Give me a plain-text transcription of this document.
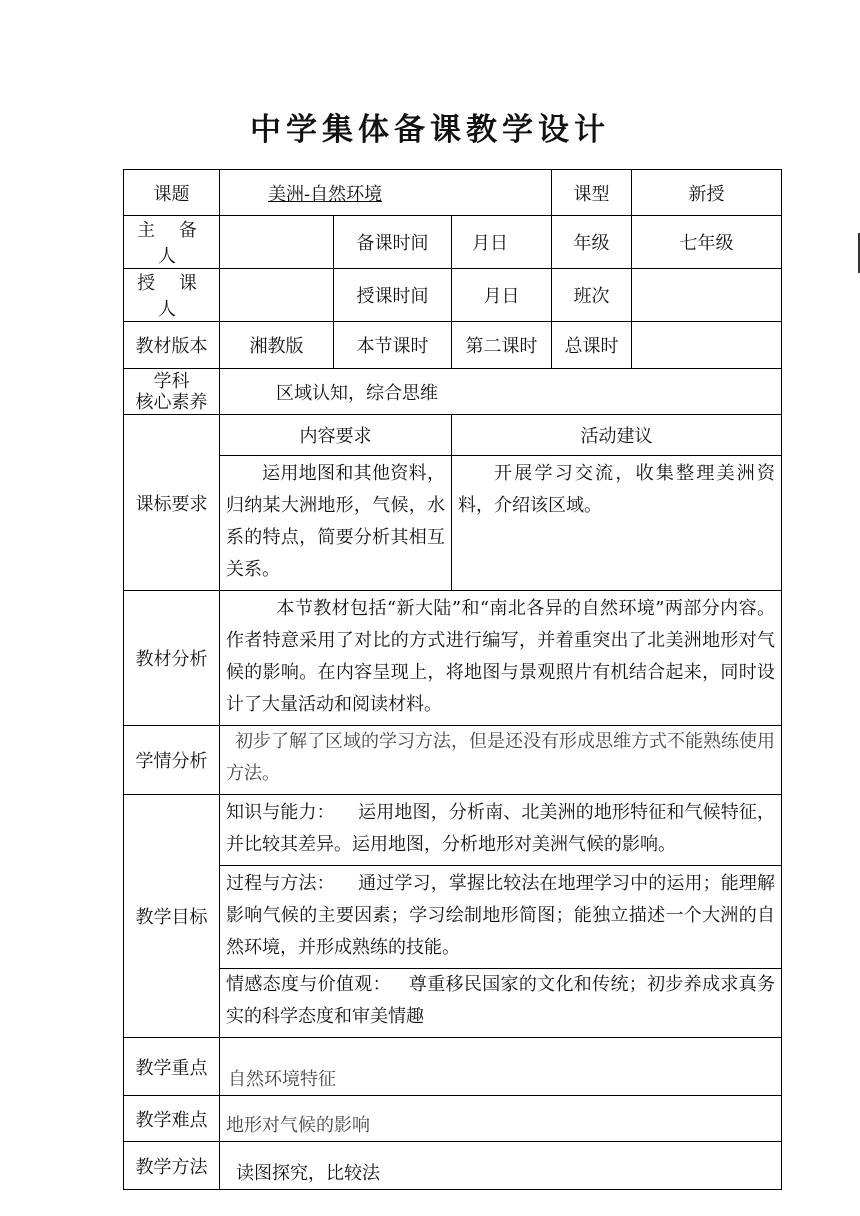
中学集体备课教学设计
课题	美洲-自然环境			课型	新授
主 备 人		备课时间	月日	年级	七年级
授 课 人		授课时间	月日	班次	
教材版本	湘教版	本节课时	第二课时	总课时	

学科
核心素养	区域认知，综合思维				
课标要求	内容要求		活动建议		
	运用地图和其他资料，归纳某大洲地形，气候，水系的特点，简要分析其相互关系。		开展学习交流，收集整理美洲资料，介绍该区域。		
教材分析	本节教材包括“新大陆”和“南北各异的自然环境”两部分内容。作者特意采用了对比的方式进行编写，并着重突出了北美洲地形对气候的影响。在内容呈现上，将地图与景观照片有机结合起来，同时设计了大量活动和阅读材料。				
学情分析	初步了解了区域的学习方法，但是还没有形成思维方式不能熟练使用方法。				
教学目标	知识与能力： 运用地图，分析南、北美洲的地形特征和气候特征，并比较其差异。运用地图，分析地形对美洲气候的影响。				
	过程与方法： 通过学习，掌握比较法在地理学习中的运用；能理解影响气候的主要因素；学习绘制地形简图；能独立描述一个大洲的自然环境，并形成熟练的技能。				
	情感态度与价值观： 尊重移民国家的文化和传统；初步养成求真务实的科学态度和审美情趣				
教学重点	自然环境特征				
教学难点	地形对气候的影响				
教学方法	读图探究，比较法				
